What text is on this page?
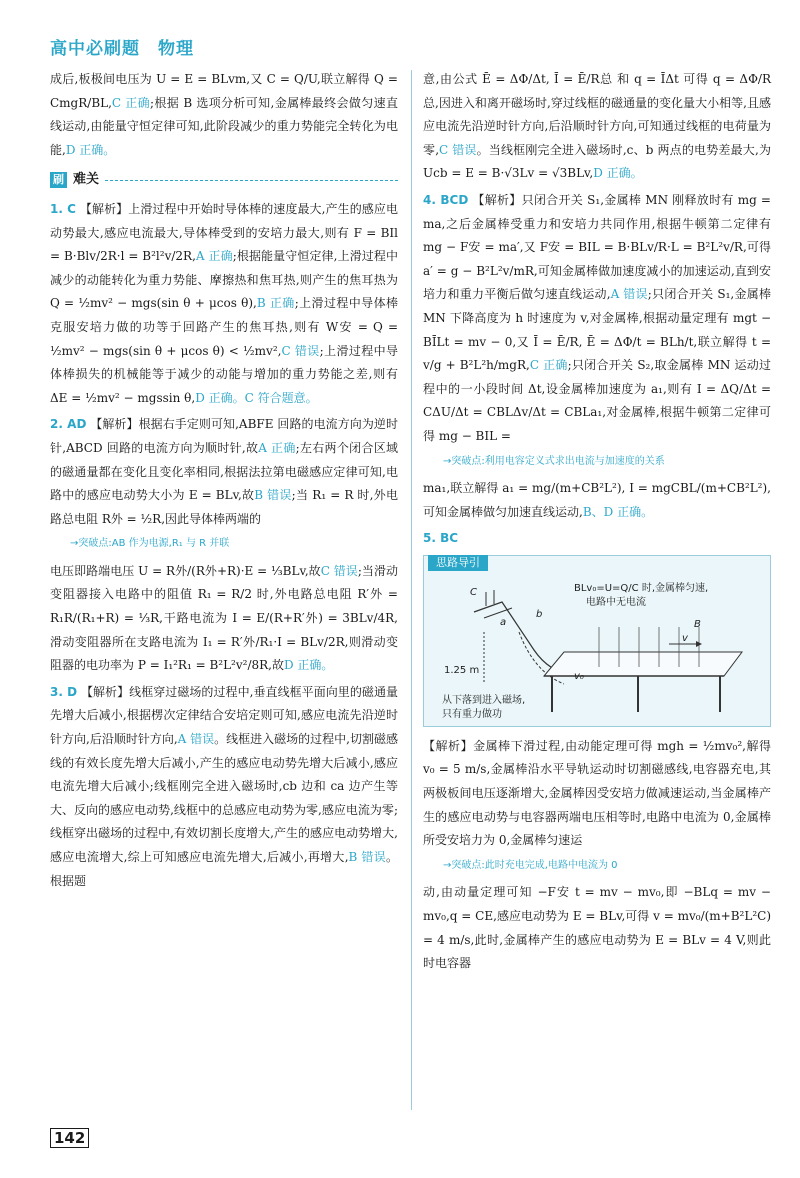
高中必刷题　物理

成后,板极间电压为 U = E = BLvm,又 C = Q/U,联立解得 Q = CmgR/BL,C 正确;根据 B 选项分析可知,金属棒最终会做匀速直线运动,由能量守恒定律可知,此阶段减少的重力势能完全转化为电能,D 正确。

刷 难关

1. C 【解析】上滑过程中开始时导体棒的速度最大,产生的感应电动势最大,感应电流最大,导体棒受到的安培力最大,则有 F = BIl = B·Blv/2R·l = B²l²v/2R,A 正确;根据能量守恒定律,上滑过程中减少的动能转化为重力势能、摩擦热和焦耳热,则产生的焦耳热为 Q = ½mv² − mgs(sin θ + μcos θ),B 正确;上滑过程中导体棒克服安培力做的功等于回路产生的焦耳热,则有 W安 = Q = ½mv² − mgs(sin θ + μcos θ) < ½mv²,C 错误;上滑过程中导体棒损失的机械能等于减少的动能与增加的重力势能之差,则有 ΔE = ½mv² − mgssin θ,D 正确。C 符合题意。

2. AD 【解析】根据右手定则可知,ABFE 回路的电流方向为逆时针,ABCD 回路的电流方向为顺时针,故A 正确;左右两个闭合区域的磁通量都在变化且变化率相同,根据法拉第电磁感应定律可知,电路中的感应电动势大小为 E = BLv,故B 错误;当 R₁ = R 时,外电路总电阻 R外 = ½R,因此导体棒两端的

→ 突破点:AB 作为电源,R₁ 与 R 并联

电压即路端电压 U = R外/(R外+R)·E = ⅓BLv,故C 错误;当滑动变阻器接入电路中的阻值 R₁ = R/2 时,外电路总电阻 R′外 = R₁R/(R₁+R) = ⅓R,干路电流为 I = E/(R+R′外) = 3BLv/4R,滑动变阻器所在支路电流为 I₁ = R′外/R₁·I = BLv/2R,则滑动变阻器的电功率为 P = I₁²R₁ = B²L²v²/8R,故D 正确。

3. D 【解析】线框穿过磁场的过程中,垂直线框平面向里的磁通量先增大后减小,根据楞次定律结合安培定则可知,感应电流先沿逆时针方向,后沿顺时针方向,A 错误。线框进入磁场的过程中,切割磁感线的有效长度先增大后减小,产生的感应电动势先增大后减小,感应电流先增大后减小;线框刚完全进入磁场时,cb 边和 ca 边产生等大、反向的感应电动势,线框中的总感应电动势为零,感应电流为零;线框穿出磁场的过程中,有效切割长度增大,产生的感应电动势增大,感应电流增大,综上可知感应电流先增大,后减小,再增大,B 错误。根据题

意,由公式 Ē = ΔΦ/Δt, Ī = Ē/R总 和 q = ĪΔt 可得 q = ΔΦ/R总,因进入和离开磁场时,穿过线框的磁通量的变化量大小相等,且感应电流先沿逆时针方向,后沿顺时针方向,可知通过线框的电荷量为零,C 错误。当线框刚完全进入磁场时,c、b 两点的电势差最大,为 Ucb = E = B·√3Lv = √3BLv,D 正确。

4. BCD 【解析】只闭合开关 S₁,金属棒 MN 刚释放时有 mg = ma,之后金属棒受重力和安培力共同作用,根据牛顿第二定律有 mg − F安 = ma′,又 F安 = BIL = B·BLv/R·L = B²L²v/R,可得 a′ = g − B²L²v/mR,可知金属棒做加速度减小的加速运动,直到安培力和重力平衡后做匀速直线运动,A 错误;只闭合开关 S₁,金属棒 MN 下降高度为 h 时速度为 v,对金属棒,根据动量定理有 mgt − BĪLt = mv − 0,又 Ī = Ē/R, Ē = ΔΦ/t = BLh/t,联立解得 t = v/g + B²L²h/mgR,C 正确;只闭合开关 S₂,取金属棒 MN 运动过程中的一小段时间 Δt,设金属棒加速度为 a₁,则有 I = ΔQ/Δt = CΔU/Δt = CBLΔv/Δt = CBLa₁,对金属棒,根据牛顿第二定律可得 mg − BIL =

→ 突破点:利用电容定义式求出电流与加速度的关系

ma₁,联立解得 a₁ = mg/(m+CB²L²), I = mgCBL/(m+CB²L²),可知金属棒做匀加速直线运动,B、D 正确。

5. BC

思路导引
BLv₀=U=Q/C 时,金属棒匀速,
电路中无电流
从下落到进入磁场,
只有重力做功
1.25 m
C
a
b
B
v
v₀

【解析】金属棒下滑过程,由动能定理可得 mgh = ½mv₀²,解得 v₀ = 5 m/s,金属棒沿水平导轨运动时切割磁感线,电容器充电,其两极板间电压逐渐增大,金属棒因受安培力做减速运动,当金属棒产生的感应电动势与电容器两端电压相等时,电路中电流为 0,金属棒所受安培力为 0,金属棒匀速运

→ 突破点:此时充电完成,电路中电流为 0

动,由动量定理可知 −F安 t = mv − mv₀,即 −BLq = mv − mv₀,q = CE,感应电动势为 E = BLv,可得 v = mv₀/(m+B²L²C) = 4 m/s,此时,金属棒产生的感应电动势为 E = BLv = 4 V,则此时电容器

142
